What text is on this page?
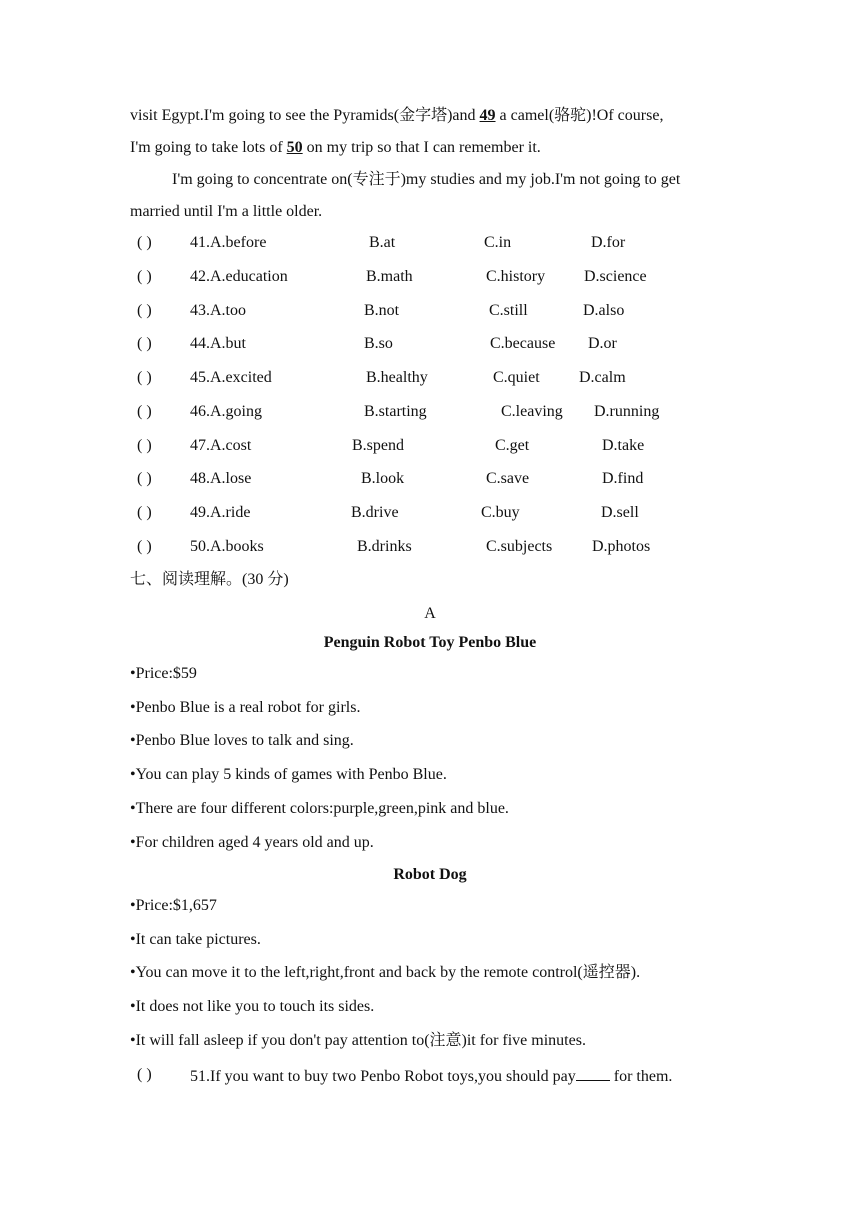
visit Egypt.I'm going to see the Pyramids(金字塔)and 49 a camel(骆驼)!Of course,
I'm going to take lots of 50 on my trip so that I can remember it.
I'm going to concentrate on(专注于)my studies and my job.I'm not going to get
married until I'm a little older.
( ) 41.A.before	B.at	C.in	D.for
( ) 42.A.education	B.math	C.history D.science
( ) 43.A.too	B.not	C.still	D.also
( ) 44.A.but	B.so	C.because D.or
( ) 45.A.excited	B.healthy	C.quiet D.calm
( ) 46.A.going	B.starting	C.leaving D.running
( ) 47.A.cost	B.spend	C.get	D.take
( ) 48.A.lose	B.look	C.save	D.find
( ) 49.A.ride	B.drive	C.buy	D.sell
( ) 50.A.books	B.drinks	C.subjects D.photos
七、阅读理解。(30 分)
A
Penguin Robot Toy Penbo Blue
•Price:$59
•Penbo Blue is a real robot for girls.
•Penbo Blue loves to talk and sing.
•You can play 5 kinds of games with Penbo Blue.
•There are four different colors:purple,green,pink and blue.
•For children aged 4 years old and up.
Robot Dog
•Price:$1,657
•It can take pictures.
•You can move it to the left,right,front and back by the remote control(遥控器).
•It does not like you to touch its sides.
•It will fall asleep if you don't pay attention to(注意)it for five minutes.
( ) 51.If you want to buy two Penbo Robot toys,you should pay for them.
